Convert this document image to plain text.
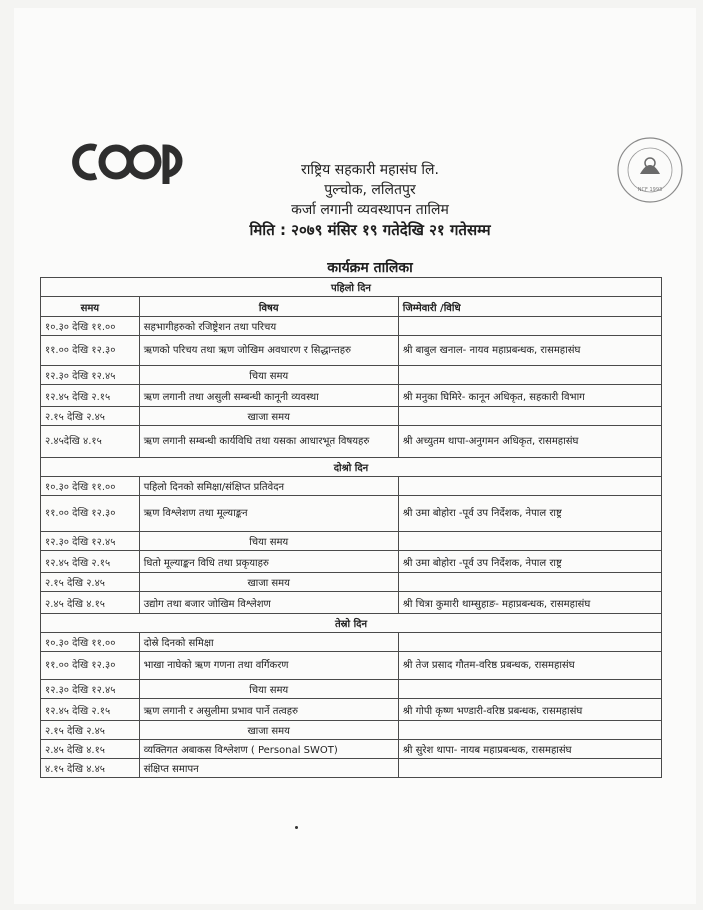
राष्ट्रिय सहकारी महासंघ लि.
पुल्चोक, ललितपुर
कर्जा लगानी व्यवस्थापन तालिम
मिति : २०७९ मंसिर १९ गतेदेखि २१ गतेसम्म
NCF 1993
कार्यक्रम तालिका
पहिलो दिन		
समय	विषय	जिम्मेवारी /विधि
१०.३० देखि ११.००	सहभागीहरुको रजिष्ट्रेशन तथा परिचय	
११.०० देखि १२.३०	ऋणको परिचय तथा ऋण जोखिम अवधारण र सिद्धान्तहरु	श्री बाबुल खनाल- नायव महाप्रबन्धक, रासमहासंघ
१२.३० देखि १२.४५	चिया समय	
१२.४५ देखि २.१५	ऋण लगानी तथा असुली सम्बन्धी कानूनी व्यवस्था	श्री मनुका घिमिरे- कानून अधिकृत, सहकारी विभाग
२.१५ देखि २.४५	खाजा समय	
२.४५देखि ४.१५	ऋण लगानी सम्बन्धी कार्यविधि तथा यसका आधारभूत विषयहरु	श्री अच्युतम थापा-अनुगमन अधिकृत, रासमहासंघ
दोश्रो दिन		
१०.३० देखि ११.००	पहिलो दिनको समिक्षा/संक्षिप्त प्रतिवेदन	
११.०० देखि १२.३०	ऋण विश्लेशण तथा मूल्याङ्कन	श्री उमा बोहोरा -पूर्व उप निर्देशक, नेपाल राष्ट्र
१२.३० देखि १२.४५	चिया समय	
१२.४५ देखि २.१५	धितो मूल्याङ्कन विधि तथा प्रकृयाहरु	श्री उमा बोहोरा -पूर्व उप निर्देशक, नेपाल राष्ट्र
२.१५ देखि २.४५	खाजा समय	
२.४५ देखि ४.१५	उद्योग तथा बजार जोखिम विश्लेशण	श्री चित्रा कुमारी थाम्सुहाङ- महाप्रबन्धक, रासमहासंघ
तेस्रो दिन		
१०.३० देखि ११.००	दोस्रे दिनको समिक्षा	
११.०० देखि १२.३०	भाखा नाघेको ऋण गणना तथा वर्गिकरण	श्री तेज प्रसाद गौतम-वरिष्ठ प्रबन्धक, रासमहासंघ
१२.३० देखि १२.४५	चिया समय	
१२.४५ देखि २.१५	ऋण लगानी र असुलीमा प्रभाव पार्ने तत्वहरु	श्री गोपी कृष्ण भण्डारी-वरिष्ठ प्रबन्धक, रासमहासंघ
२.१५ देखि २.४५	खाजा समय	
२.४५ देखि ४.१५	व्यक्तिगत अबाकस विश्लेशण ( Personal SWOT)	श्री सुरेश थापा- नायब महाप्रबन्धक, रासमहासंघ
४.१५ देखि ४.४५	संक्षिप्त समापन	
